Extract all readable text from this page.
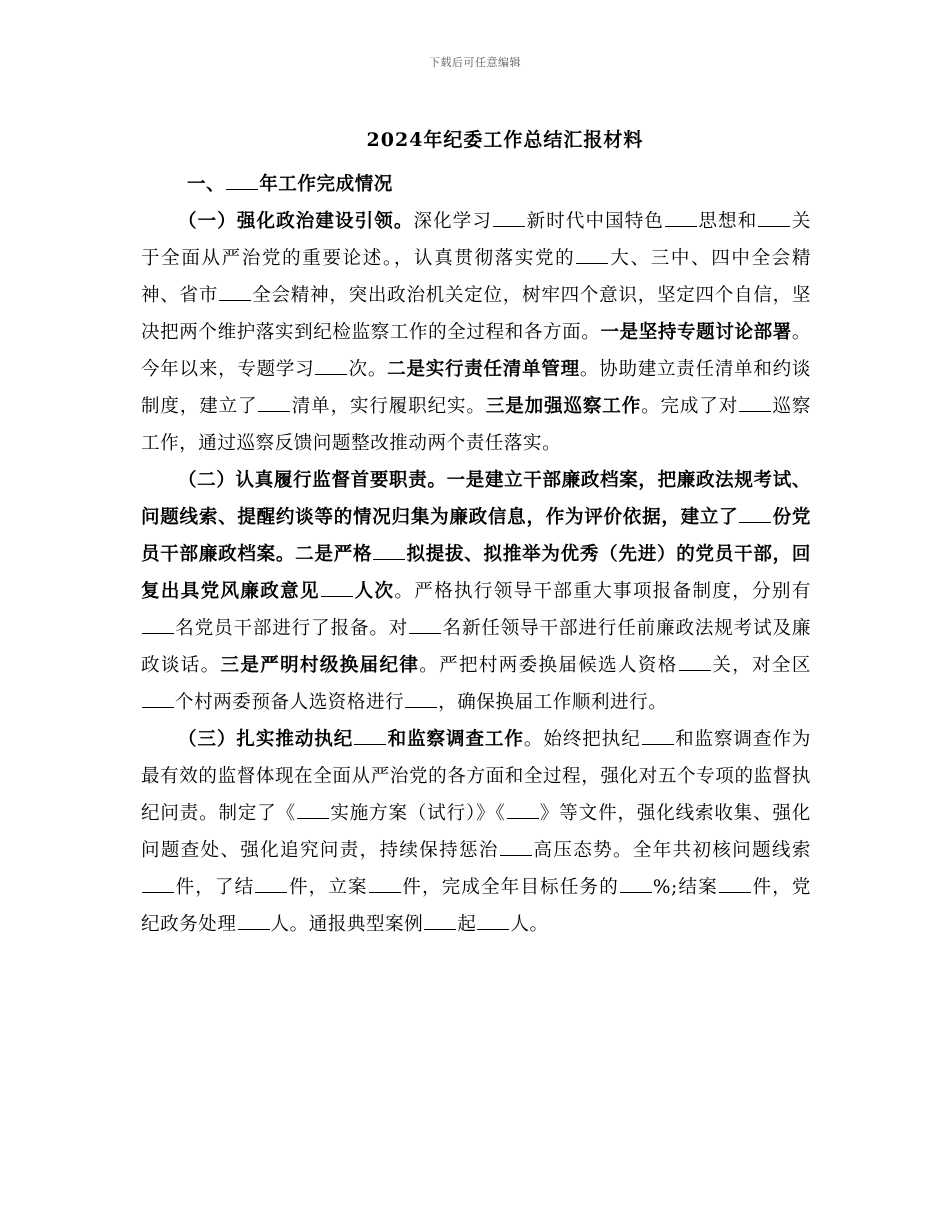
下载后可任意编辑
2024年纪委工作总结汇报材料

一、 年工作完成情况

（一）强化政治建设引领。深化学习 新时代中国特色 思想和 关于全面从严治党的重要论述。，认真贯彻落实党的 大、三中、四中全会精神、省市 全会精神，突出政治机关定位，树牢四个意识，坚定四个自信，坚决把两个维护落实到纪检监察工作的全过程和各方面。一是坚持专题讨论部署。今年以来，专题学习 次。二是实行责任清单管理。协助建立责任清单和约谈制度，建立了 清单，实行履职纪实。三是加强巡察工作。完成了对 巡察工作，通过巡察反馈问题整改推动两个责任落实。

（二）认真履行监督首要职责。一是建立干部廉政档案，把廉政法规考试、问题线索、提醒约谈等的情况归集为廉政信息，作为评价依据，建立了 份党员干部廉政档案。二是严格 拟提拔、拟推举为优秀（先进）的党员干部，回复出具党风廉政意见 人次。严格执行领导干部重大事项报备制度，分别有名党员干部进行了报备。对 名新任领导干部进行任前廉政法规考试及廉政谈话。三是严明村级换届纪律。严把村两委换届候选人资格 关，对全区个村两委预备人选资格进行 ，确保换届工作顺利进行。

（三）扎实推动执纪 和监察调查工作。始终把执纪 和监察调查作为最有效的监督体现在全面从严治党的各方面和全过程，强化对五个专项的监督执纪问责。制定了《 实施方案（试行）》《 》等文件，强化线索收集、强化问题查处、强化追究问责，持续保持惩治 高压态势。全年共初核问题线索件，了结 件，立案 件，完成全年目标任务的 %;结案 件，党纪政务处理 人。通报典型案例 起 人。
